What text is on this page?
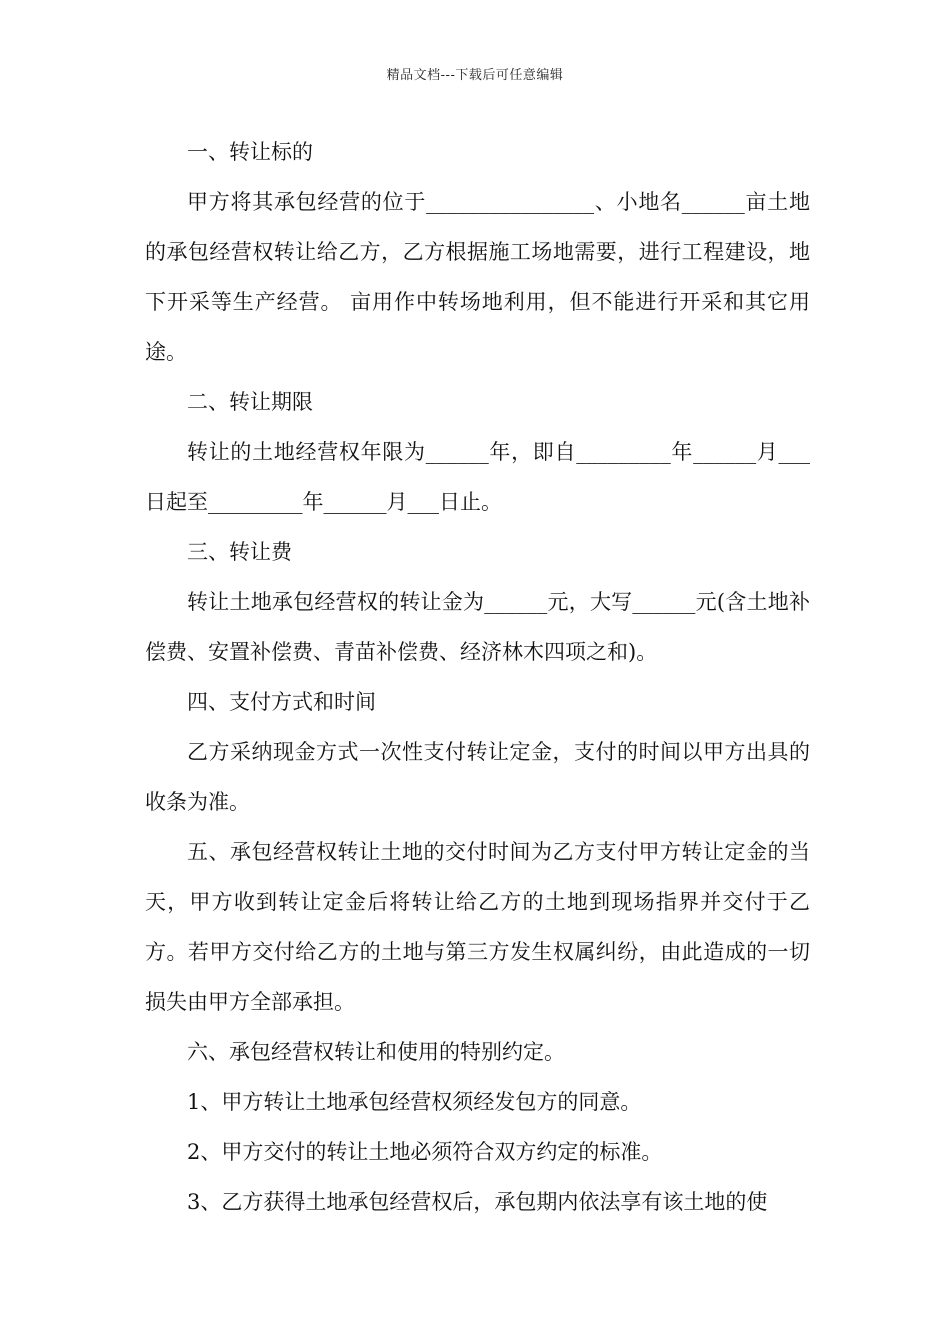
精品文档---下载后可任意编辑

一、转让标的

甲方将其承包经营的位于________________、小地名______亩土地的承包经营权转让给乙方，乙方根据施工场地需要，进行工程建设，地下开采等生产经营。 亩用作中转场地利用，但不能进行开采和其它用途。

二、转让期限

转让的土地经营权年限为______年，即自_________年______月___日起至_________年______月___日止。

三、转让费

转让土地承包经营权的转让金为______元，大写______元(含土地补偿费、安置补偿费、青苗补偿费、经济林木四项之和)。

四、支付方式和时间

乙方采纳现金方式一次性支付转让定金，支付的时间以甲方出具的收条为准。

五、承包经营权转让土地的交付时间为乙方支付甲方转让定金的当天，甲方收到转让定金后将转让给乙方的土地到现场指界并交付于乙方。若甲方交付给乙方的土地与第三方发生权属纠纷，由此造成的一切损失由甲方全部承担。

六、承包经营权转让和使用的特别约定。

1、甲方转让土地承包经营权须经发包方的同意。

2、甲方交付的转让土地必须符合双方约定的标准。

3、乙方获得土地承包经营权后，承包期内依法享有该土地的使
